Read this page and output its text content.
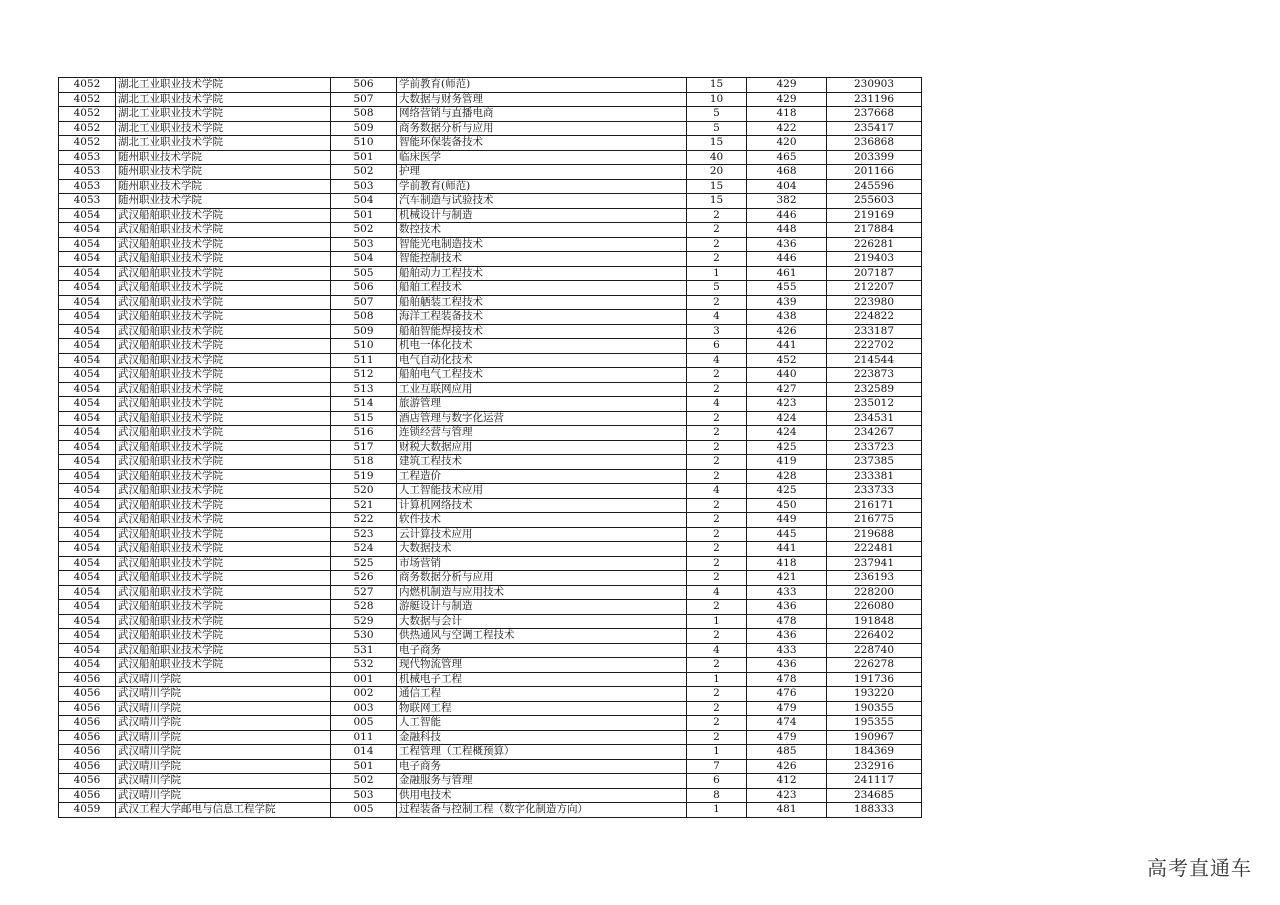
4052	湖北工业职业技术学院	506	学前教育(师范)	15	429	230903
4052	湖北工业职业技术学院	507	大数据与财务管理	10	429	231196
4052	湖北工业职业技术学院	508	网络营销与直播电商	5	418	237668
4052	湖北工业职业技术学院	509	商务数据分析与应用	5	422	235417
4052	湖北工业职业技术学院	510	智能环保装备技术	15	420	236868
4053	随州职业技术学院	501	临床医学	40	465	203399
4053	随州职业技术学院	502	护理	20	468	201166
4053	随州职业技术学院	503	学前教育(师范)	15	404	245596
4053	随州职业技术学院	504	汽车制造与试验技术	15	382	255603
4054	武汉船舶职业技术学院	501	机械设计与制造	2	446	219169
4054	武汉船舶职业技术学院	502	数控技术	2	448	217884
4054	武汉船舶职业技术学院	503	智能光电制造技术	2	436	226281
4054	武汉船舶职业技术学院	504	智能控制技术	2	446	219403
4054	武汉船舶职业技术学院	505	船舶动力工程技术	1	461	207187
4054	武汉船舶职业技术学院	506	船舶工程技术	5	455	212207
4054	武汉船舶职业技术学院	507	船舶舾装工程技术	2	439	223980
4054	武汉船舶职业技术学院	508	海洋工程装备技术	4	438	224822
4054	武汉船舶职业技术学院	509	船舶智能焊接技术	3	426	233187
4054	武汉船舶职业技术学院	510	机电一体化技术	6	441	222702
4054	武汉船舶职业技术学院	511	电气自动化技术	4	452	214544
4054	武汉船舶职业技术学院	512	船舶电气工程技术	2	440	223873
4054	武汉船舶职业技术学院	513	工业互联网应用	2	427	232589
4054	武汉船舶职业技术学院	514	旅游管理	4	423	235012
4054	武汉船舶职业技术学院	515	酒店管理与数字化运营	2	424	234531
4054	武汉船舶职业技术学院	516	连锁经营与管理	2	424	234267
4054	武汉船舶职业技术学院	517	财税大数据应用	2	425	233723
4054	武汉船舶职业技术学院	518	建筑工程技术	2	419	237385
4054	武汉船舶职业技术学院	519	工程造价	2	428	233381
4054	武汉船舶职业技术学院	520	人工智能技术应用	4	425	233733
4054	武汉船舶职业技术学院	521	计算机网络技术	2	450	216171
4054	武汉船舶职业技术学院	522	软件技术	2	449	216775
4054	武汉船舶职业技术学院	523	云计算技术应用	2	445	219688
4054	武汉船舶职业技术学院	524	大数据技术	2	441	222481
4054	武汉船舶职业技术学院	525	市场营销	2	418	237941
4054	武汉船舶职业技术学院	526	商务数据分析与应用	2	421	236193
4054	武汉船舶职业技术学院	527	内燃机制造与应用技术	4	433	228200
4054	武汉船舶职业技术学院	528	游艇设计与制造	2	436	226080
4054	武汉船舶职业技术学院	529	大数据与会计	1	478	191848
4054	武汉船舶职业技术学院	530	供热通风与空调工程技术	2	436	226402
4054	武汉船舶职业技术学院	531	电子商务	4	433	228740
4054	武汉船舶职业技术学院	532	现代物流管理	2	436	226278
4056	武汉晴川学院	001	机械电子工程	1	478	191736
4056	武汉晴川学院	002	通信工程	2	476	193220
4056	武汉晴川学院	003	物联网工程	2	479	190355
4056	武汉晴川学院	005	人工智能	2	474	195355
4056	武汉晴川学院	011	金融科技	2	479	190967
4056	武汉晴川学院	014	工程管理（工程概预算）	1	485	184369
4056	武汉晴川学院	501	电子商务	7	426	232916
4056	武汉晴川学院	502	金融服务与管理	6	412	241117
4056	武汉晴川学院	503	供用电技术	8	423	234685
4059	武汉工程大学邮电与信息工程学院	005	过程装备与控制工程（数字化制造方向）	1	481	188333
高考直通车
